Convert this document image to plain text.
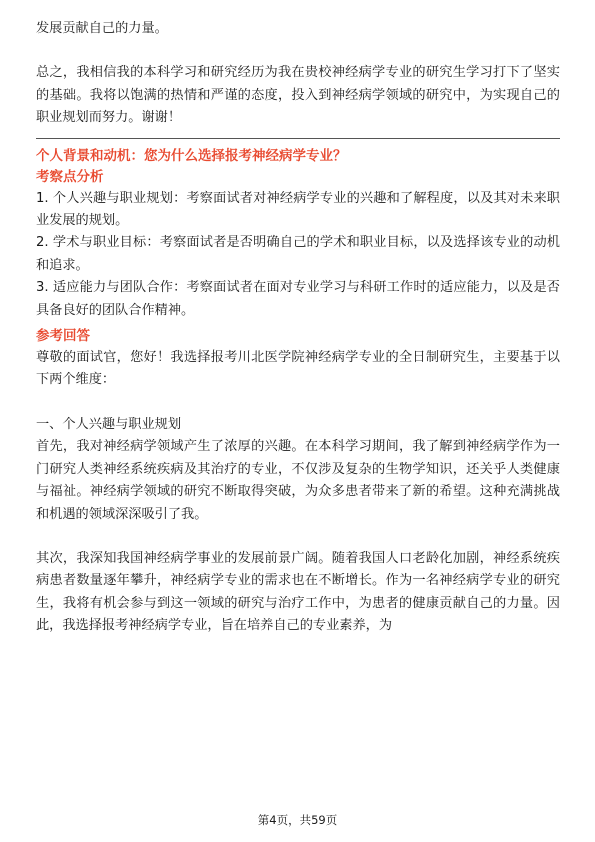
发展贡献自己的力量。

总之，我相信我的本科学习和研究经历为我在贵校神经病学专业的研究生学习打下了坚实的基础。我将以饱满的热情和严谨的态度，投入到神经病学领域的研究中，为实现自己的职业规划而努力。谢谢！

个人背景和动机：您为什么选择报考神经病学专业？
考察点分析

1. 个人兴趣与职业规划：考察面试者对神经病学专业的兴趣和了解程度，以及其对未来职业发展的规划。

2. 学术与职业目标：考察面试者是否明确自己的学术和职业目标，以及选择该专业的动机和追求。

3. 适应能力与团队合作：考察面试者在面对专业学习与科研工作时的适应能力，以及是否具备良好的团队合作精神。

参考回答

尊敬的面试官，您好！我选择报考川北医学院神经病学专业的全日制研究生，主要基于以下两个维度：

一、个人兴趣与职业规划

首先，我对神经病学领域产生了浓厚的兴趣。在本科学习期间，我了解到神经病学作为一门研究人类神经系统疾病及其治疗的专业，不仅涉及复杂的生物学知识，还关乎人类健康与福祉。神经病学领域的研究不断取得突破，为众多患者带来了新的希望。这种充满挑战和机遇的领域深深吸引了我。

其次，我深知我国神经病学事业的发展前景广阔。随着我国人口老龄化加剧，神经系统疾病患者数量逐年攀升，神经病学专业的需求也在不断增长。作为一名神经病学专业的研究生，我将有机会参与到这一领域的研究与治疗工作中，为患者的健康贡献自己的力量。因此，我选择报考神经病学专业，旨在培养自己的专业素养，为

第4页，共59页
